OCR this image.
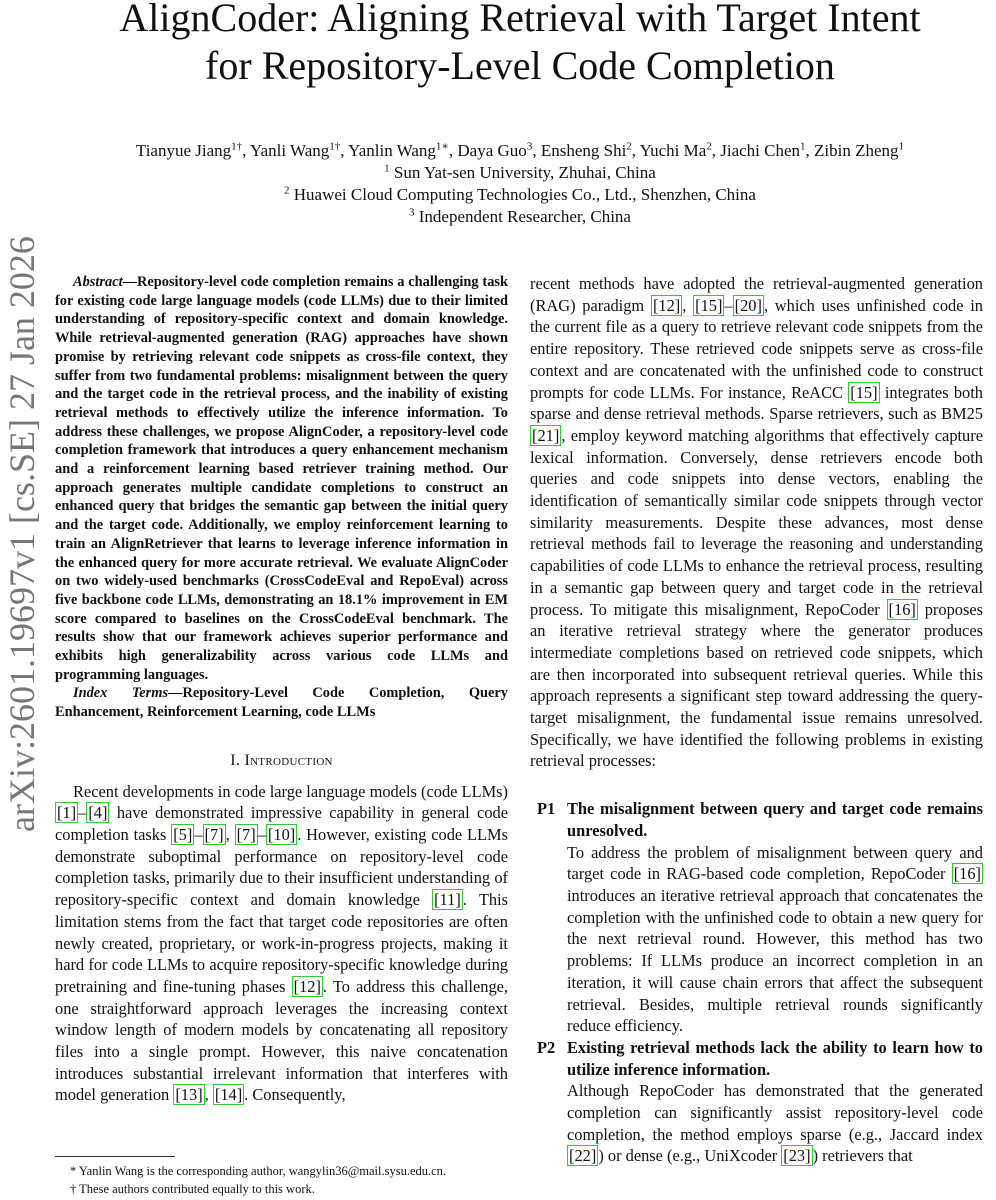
AlignCoder: Aligning Retrieval with Target Intent
for Repository-Level Code Completion
Tianyue Jiang$^{1\dagger}$, Yanli Wang$^{1\dagger}$, Yanlin Wang$^{1∗}$, Daya Guo$^3$, Ensheng Shi$^2$, Yuchi Ma$^2$, Jiachi Chen$^1$, Zibin Zheng$^1$
$^1$ Sun Yat-sen University, Zhuhai, China
$^2$ Huawei Cloud Computing Technologies Co., Ltd., Shenzhen, China
$^3$ Independent Researcher, China
arXiv:2601.19697v1 [cs.SE] 27 Jan 2026	Abstract—Repository-level code completion remains a challenging task for existing code large language models (code LLMs) due to their limited understanding of repository-specific context and domain knowledge. While retrieval-augmented generation (RAG) approaches have shown promise by retrieving relevant code snippets as cross-file context, they suffer from two fundamental problems: misalignment between the query and the target code in the retrieval process, and the inability of existing retrieval methods to effectively utilize the inference information. To address these challenges, we propose AlignCoder, a repository-level code completion framework that introduces a query enhancement mechanism and a reinforcement learning based retriever training method. Our approach generates multiple candidate completions to construct an enhanced query that bridges the semantic gap between the initial query and the target code. Additionally, we employ reinforcement learning to train an AlignRetriever that learns to leverage inference information in the enhanced query for more accurate retrieval. We evaluate AlignCoder on two widely-used benchmarks (CrossCodeEval and RepoEval) across five backbone code LLMs, demonstrating an 18.1% improvement in EM score compared to baselines on the CrossCodeEval benchmark. The results show that our framework achieves superior performance and exhibits high generalizability across various code LLMs and programming languages.

Index Terms—Repository-Level Code Completion, Query Enhancement, Reinforcement Learning, code LLMs

I. Introduction

Recent developments in code large language models (code LLMs) [1] – [4] have demonstrated impressive capability in general code completion tasks [5] – [7] , [7] – [10] . However, existing code LLMs demonstrate suboptimal performance on repository-level code completion tasks, primarily due to their insufficient understanding of repository-specific context and domain knowledge [11] . This limitation stems from the fact that target code repositories are often newly created, proprietary, or work-in-progress projects, making it hard for code LLMs to acquire repository-specific knowledge during pretraining and fine-tuning phases [12] . To address this challenge, one straightforward approach leverages the increasing context window length of modern models by concatenating all repository files into a single prompt. However, this naive concatenation introduces substantial irrelevant information that interferes with model generation [13] , [14] . Consequently,

recent methods have adopted the retrieval-augmented generation (RAG) paradigm [12] , [15] – [20] , which uses unfinished code in the current file as a query to retrieve relevant code snippets from the entire repository. These retrieved code snippets serve as cross-file context and are concatenated with the unfinished code to construct prompts for code LLMs. For instance, ReACC [15] integrates both sparse and dense retrieval methods. Sparse retrievers, such as BM25 [21] , employ keyword matching algorithms that effectively capture lexical information. Conversely, dense retrievers encode both queries and code snippets into dense vectors, enabling the identification of semantically similar code snippets through vector similarity measurements. Despite these advances, most dense retrieval methods fail to leverage the reasoning and understanding capabilities of code LLMs to enhance the retrieval process, resulting in a semantic gap between query and target code in the retrieval process. To mitigate this misalignment, RepoCoder [16] proposes an iterative retrieval strategy where the generator produces intermediate completions based on retrieved code snippets, which are then incorporated into subsequent retrieval queries. While this approach represents a significant step toward addressing the query-target misalignment, the fundamental issue remains unresolved. Specifically, we have identified the following problems in existing retrieval processes:

P1 The misalignment between query and target code remains unresolved.
To address the problem of misalignment between query and target code in RAG-based code completion, RepoCoder [16] introduces an iterative retrieval approach that concatenates the completion with the unfinished code to obtain a new query for the next retrieval round. However, this method has two problems: If LLMs produce an incorrect completion in an iteration, it will cause chain errors that affect the subsequent retrieval. Besides, multiple retrieval rounds significantly reduce efficiency.
P2 Existing retrieval methods lack the ability to learn how to utilize inference information.
Although RepoCoder has demonstrated that the generated completion can significantly assist repository-level code completion, the method employs sparse (e.g., Jaccard index [22] ) or dense (e.g., UniXcoder [23] ) retrievers that
* Yanlin Wang is the corresponding author, wangylin36@mail.sysu.edu.cn.
† These authors contributed equally to this work.
